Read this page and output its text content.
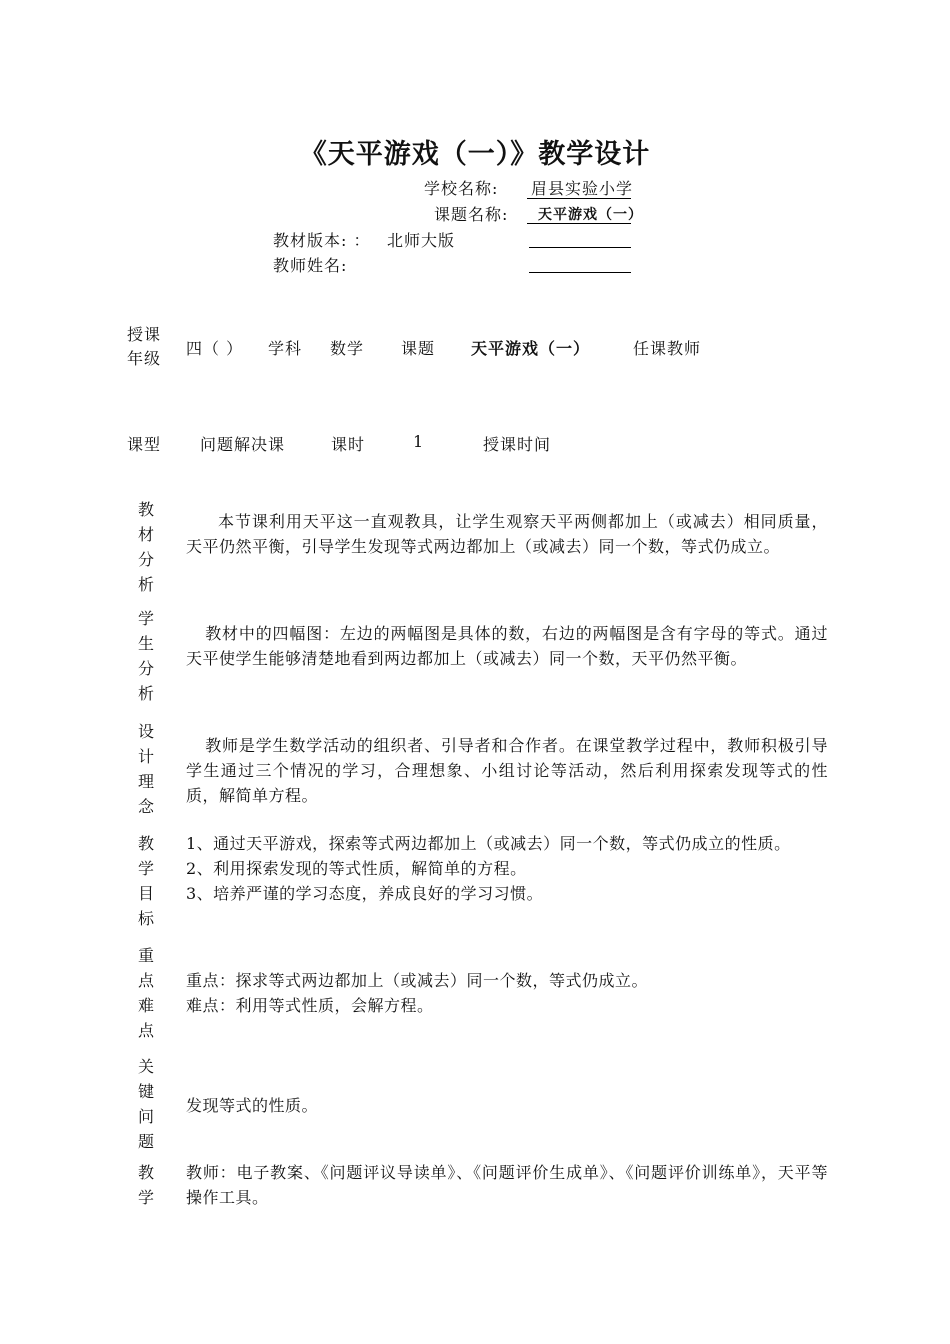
《天平游戏（一）》教学设计
学校名称: 眉县实验小学
课题名称: 天平游戏（一）
教材版本: ： 北师大版
教师姓名:
授课
年级
四（ ） 学科 数学 课题 天平游戏（一）	任课教师
课型 问题解决课	课时	1	授课时间
教
材
分
析

本节课利用天平这一直观教具，让学生观察天平两侧都加上（或减去）相同质量，天平仍然平衡，引导学生发现等式两边都加上（或减去）同一个数，等式仍成立。

学
生
分
析

教材中的四幅图：左边的两幅图是具体的数，右边的两幅图是含有字母的等式。通过天平使学生能够清楚地看到两边都加上（或减去）同一个数，天平仍然平衡。

设
计
理
念

教师是学生数学活动的组织者、引导者和合作者。在课堂教学过程中，教师积极引导学生通过三个情况的学习，合理想象、小组讨论等活动，然后利用探索发现等式的性质，解简单方程。

教
学
目
标

1、通过天平游戏，探索等式两边都加上（或减去）同一个数，等式仍成立的性质。

2、利用探索发现的等式性质，解简单的方程。

3、培养严谨的学习态度，养成良好的学习习惯。

重
点
难
点

重点：探求等式两边都加上（或减去）同一个数，等式仍成立。

难点：利用等式性质，会解方程。

关
键
问
题

发现等式的性质。

教
学

教师：电子教案、《问题评议导读单》、《问题评价生成单》、《问题评价训练单》，天平等操作工具。
